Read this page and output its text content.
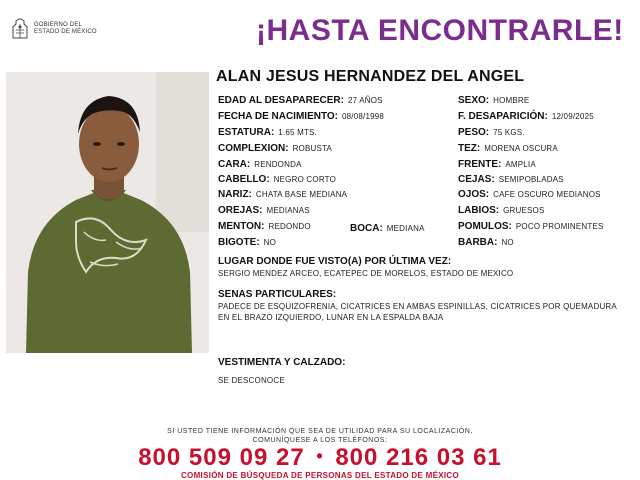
GOBIERNO DEL
ESTADO DE MÉXICO	¡HASTA ENCONTRARLE!
ALAN JESUS HERNANDEZ DEL ANGEL
EDAD AL DESAPARECER: 27 AÑOS
FECHA DE NACIMIENTO: 08/08/1998
ESTATURA: 1.65 MTS.
COMPLEXION: ROBUSTA
CARA: RENDONDA
CABELLO: NEGRO CORTO
NARIZ: CHATA BASE MEDIANA
OREJAS: MEDIANAS
MENTON: REDONDO
BIGOTE: NO
BOCA: MEDIANA
SEXO: HOMBRE
F. DESAPARICIÓN: 12/09/2025
PESO: 75 KGS.
TEZ: MORENA OSCURA
FRENTE: AMPLIA
CEJAS: SEMIPOBLADAS
OJOS: CAFE OSCURO MEDIANOS
LABIOS: GRUESOS
POMULOS: POCO PROMINENTES
BARBA: NO
LUGAR DONDE FUE VISTO(A) POR ÚLTIMA VEZ:
SERGIO MENDEZ ARCEO, ECATEPEC DE MORELOS, ESTADO DE MEXICO
SENAS PARTICULARES:
PADECE DE ESQUIZOFRENIA, CICATRICES EN AMBAS ESPINILLAS, CICATRICES POR QUEMADURA EN EL BRAZO IZQUIERDO, LUNAR EN LA ESPALDA BAJA
VESTIMENTA Y CALZADO:
SE DESCONOCE
SI USTED TIENE INFORMACIÓN QUE SEA DE UTILIDAD PARA SU LOCALIZACIÓN,
COMUNÍQUESE A LOS TELÉFONOS:
800 509 09 27 • 800 216 03 61
COMISIÓN DE BÚSQUEDA DE PERSONAS DEL ESTADO DE MÉXICO
